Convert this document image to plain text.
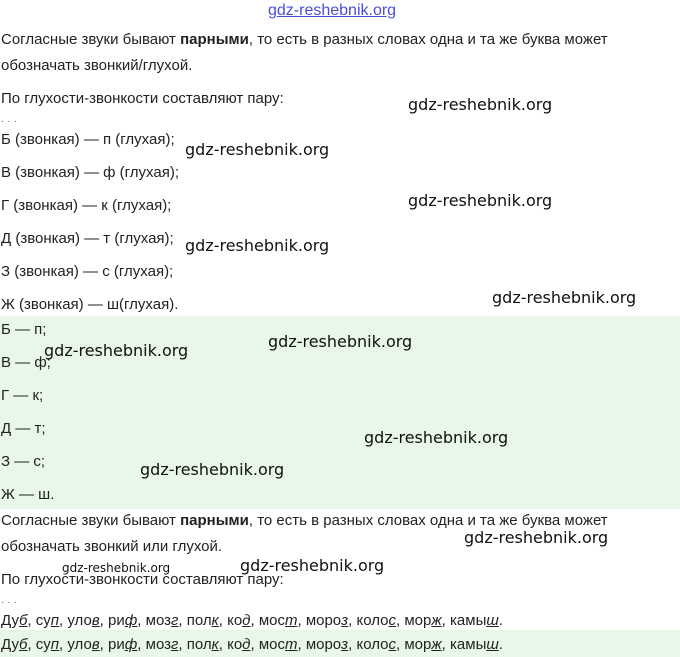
gdz-reshebnik.org
Согласные звуки бывают парными, то есть в разных словах одна и та же буква может
обозначать звонкий/глухой.
По глухости-звонкости составляют пару:
···
Б (звонкая) — п (глухая);
В (звонкая) — ф (глухая);
Г (звонкая) — к (глухая);
Д (звонкая) — т (глухая);
З (звонкая) — с (глухая);
Ж (звонкая) — ш(глухая).
Б — п;
В — ф;
Г — к;
Д — т;
З — с;
Ж — ш.
Согласные звуки бывают парными, то есть в разных словах одна и та же буква может
обозначать звонкий или глухой.
По глухости-звонкости составляют пару:
···
Дуб, суп, улов, риф, мозг, полк, код, мост, мороз, колос, морж, камыш.
Дуб, суп, улов, риф, мозг, полк, код, мост, мороз, колос, морж, камыш.
gdz-reshebnik.org
gdz-reshebnik.org
gdz-reshebnik.org
gdz-reshebnik.org
gdz-reshebnik.org
gdz-reshebnik.org
gdz-reshebnik.org
gdz-reshebnik.org
gdz-reshebnik.org
gdz-reshebnik.org
gdz-reshebnik.org
gdz-reshebnik.org
